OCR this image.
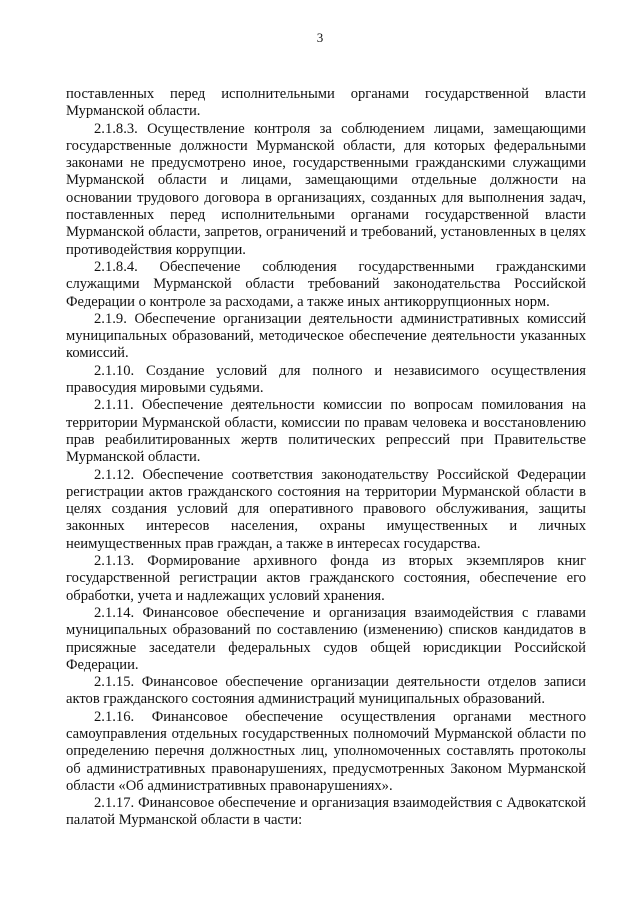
3

поставленных перед исполнительными органами государственной власти Мурманской области.

2.1.8.3. Осуществление контроля за соблюдением лицами, замещающими государственные должности Мурманской области, для которых федеральными законами не предусмотрено иное, государственными гражданскими служащими Мурманской области и лицами, замещающими отдельные должности на основании трудового договора в организациях, созданных для выполнения задач, поставленных перед исполнительными органами государственной власти Мурманской области, запретов, ограничений и требований, установленных в целях противодействия коррупции.

2.1.8.4. Обеспечение соблюдения государственными гражданскими служащими Мурманской области требований законодательства Российской Федерации о контроле за расходами, а также иных антикоррупционных норм.

2.1.9. Обеспечение организации деятельности административных комиссий муниципальных образований, методическое обеспечение деятельности указанных комиссий.

2.1.10. Создание условий для полного и независимого осуществления правосудия мировыми судьями.

2.1.11. Обеспечение деятельности комиссии по вопросам помилования на территории Мурманской области, комиссии по правам человека и восстановлению прав реабилитированных жертв политических репрессий при Правительстве Мурманской области.

2.1.12. Обеспечение соответствия законодательству Российской Федерации регистрации актов гражданского состояния на территории Мурманской области в целях создания условий для оперативного правового обслуживания, защиты законных интересов населения, охраны имущественных и личных неимущественных прав граждан, а также в интересах государства.

2.1.13. Формирование архивного фонда из вторых экземпляров книг государственной регистрации актов гражданского состояния, обеспечение его обработки, учета и надлежащих условий хранения.

2.1.14. Финансовое обеспечение и организация взаимодействия с главами муниципальных образований по составлению (изменению) списков кандидатов в присяжные заседатели федеральных судов общей юрисдикции Российской Федерации.

2.1.15. Финансовое обеспечение организации деятельности отделов записи актов гражданского состояния администраций муниципальных образований.

2.1.16. Финансовое обеспечение осуществления органами местного самоуправления отдельных государственных полномочий Мурманской области по определению перечня должностных лиц, уполномоченных составлять протоколы об административных правонарушениях, предусмотренных Законом Мурманской области «Об административных правонарушениях».

2.1.17. Финансовое обеспечение и организация взаимодействия с Адвокатской палатой Мурманской области в части:
